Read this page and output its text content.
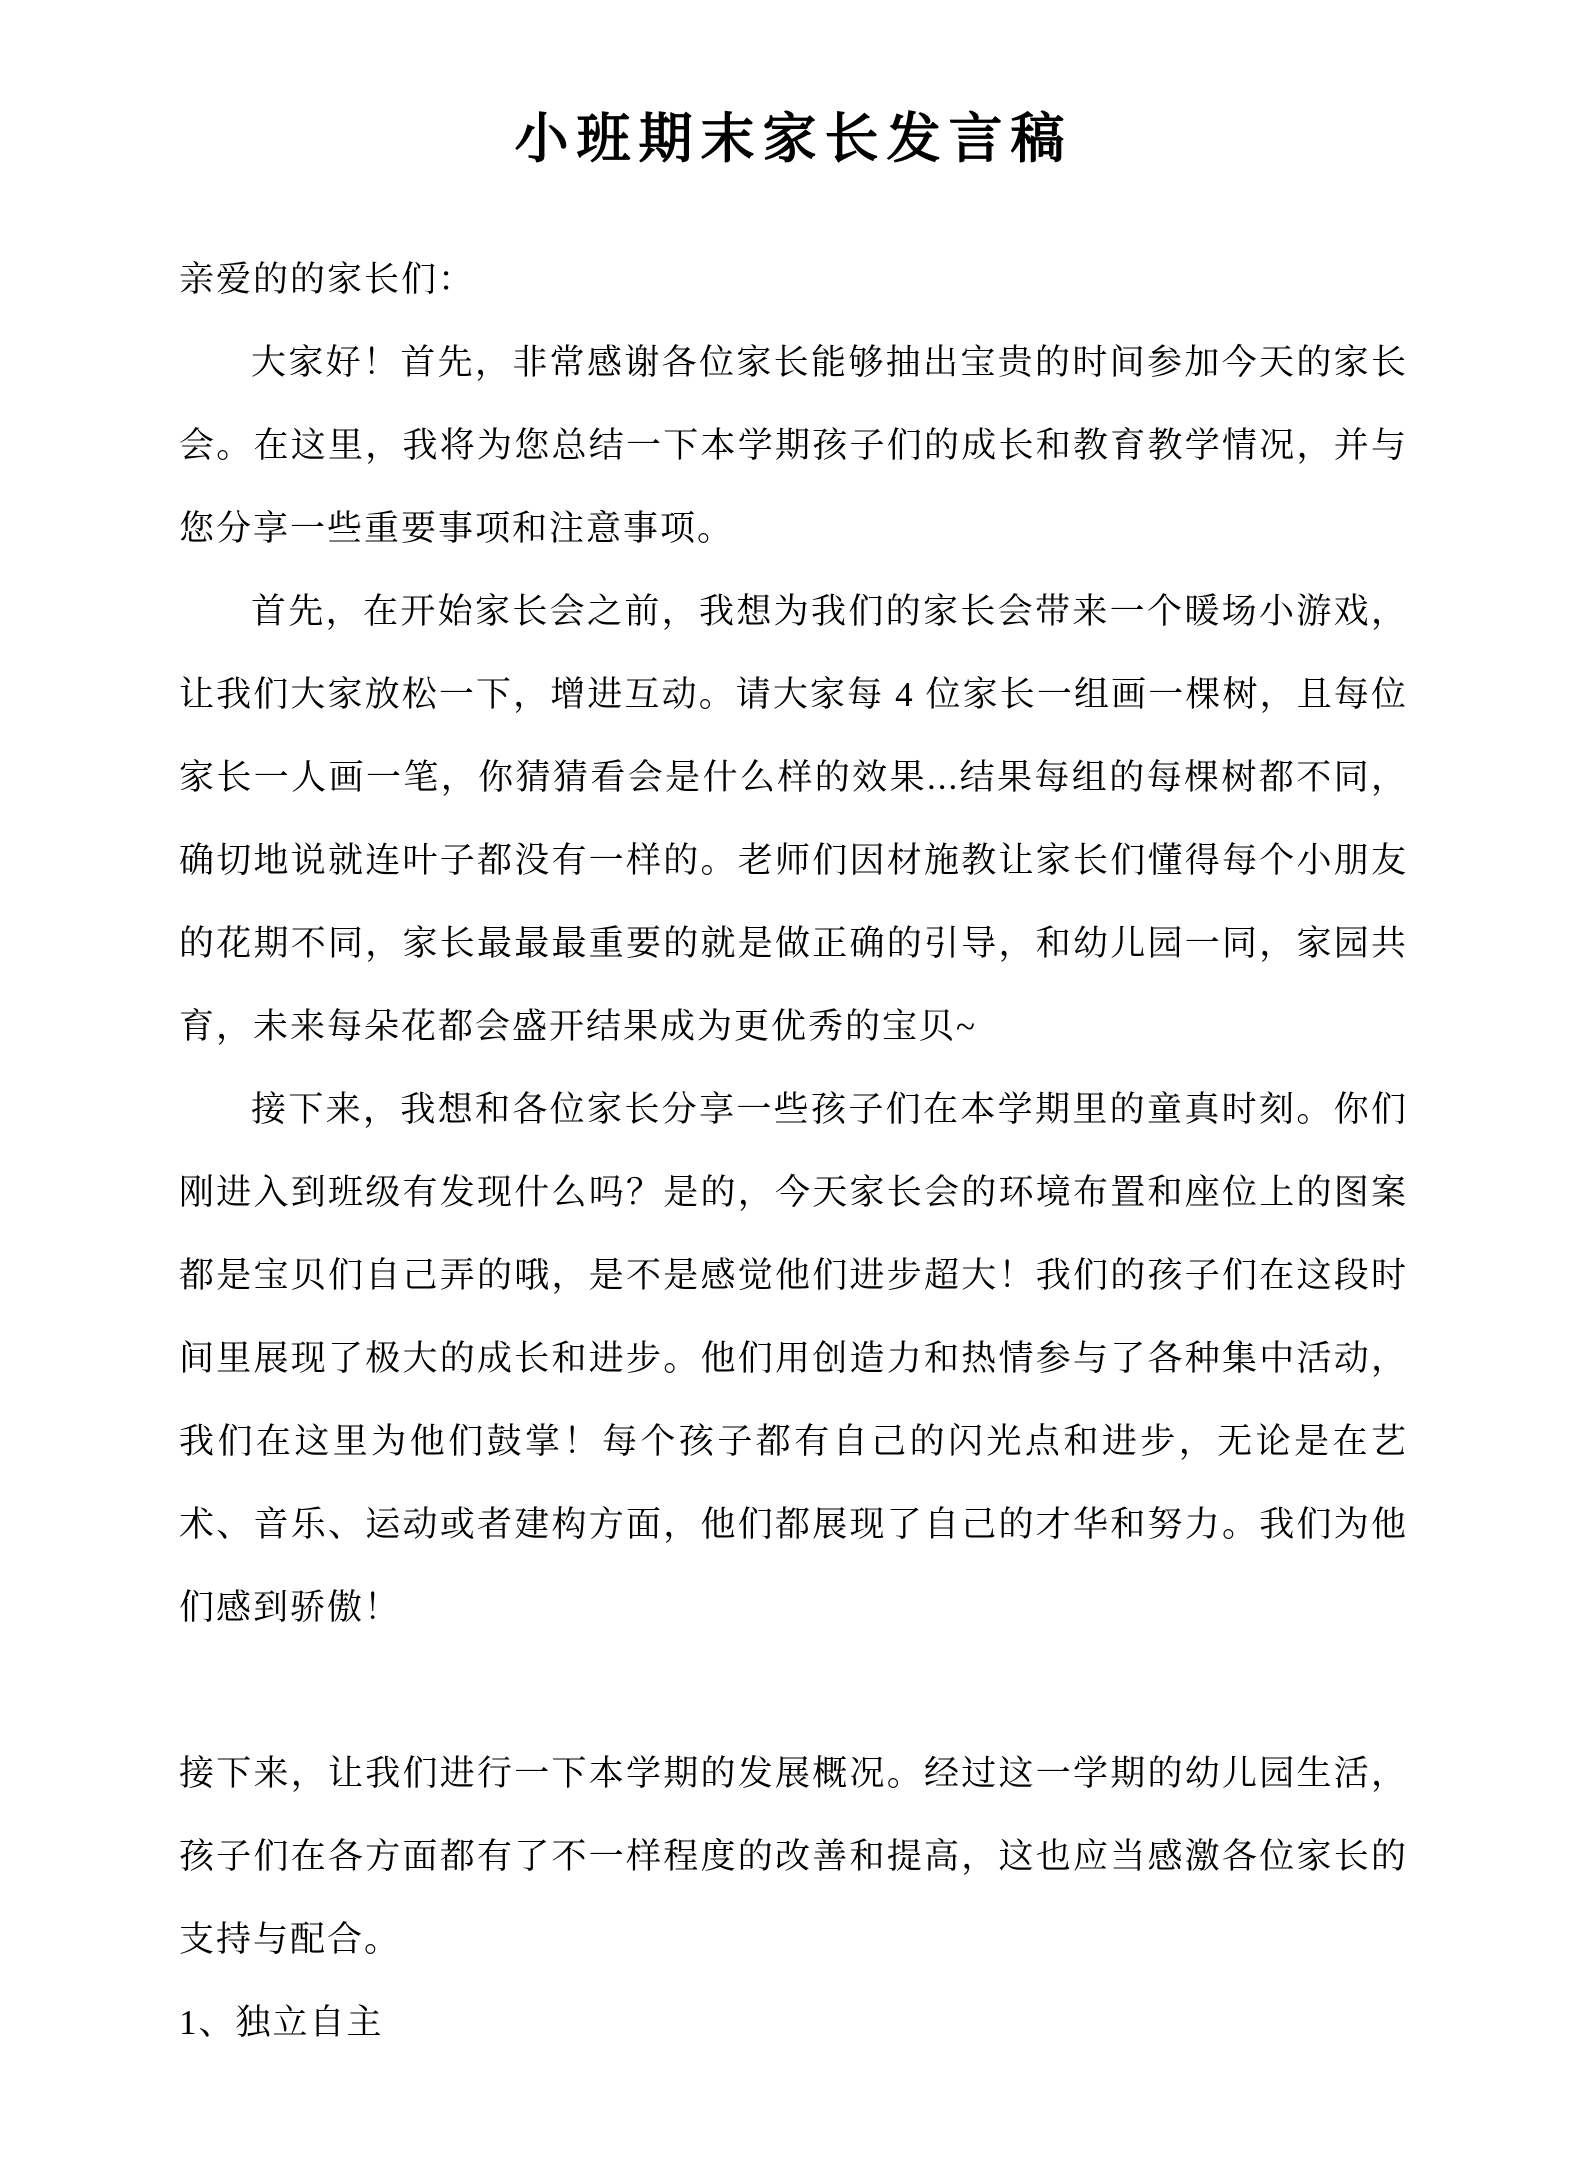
小班期末家长发言稿

亲爱的的家长们：

大家好！首先，非常感谢各位家长能够抽出宝贵的时间参加今天的家长会。在这里，我将为您总结一下本学期孩子们的成长和教育教学情况，并与您分享一些重要事项和注意事项。

首先，在开始家长会之前，我想为我们的家长会带来一个暖场小游戏，让我们大家放松一下，增进互动。请大家每 4 位家长一组画一棵树，且每位家长一人画一笔，你猜猜看会是什么样的效果...结果每组的每棵树都不同，确切地说就连叶子都没有一样的。老师们因材施教让家长们懂得每个小朋友的花期不同，家长最最最重要的就是做正确的引导，和幼儿园一同，家园共育，未来每朵花都会盛开结果成为更优秀的宝贝~

接下来，我想和各位家长分享一些孩子们在本学期里的童真时刻。你们刚进入到班级有发现什么吗？是的，今天家长会的环境布置和座位上的图案都是宝贝们自己弄的哦，是不是感觉他们进步超大！我们的孩子们在这段时间里展现了极大的成长和进步。他们用创造力和热情参与了各种集中活动，我们在这里为他们鼓掌！每个孩子都有自己的闪光点和进步，无论是在艺术、音乐、运动或者建构方面，他们都展现了自己的才华和努力。我们为他们感到骄傲！

接下来，让我们进行一下本学期的发展概况。经过这一学期的幼儿园生活，孩子们在各方面都有了不一样程度的改善和提高，这也应当感激各位家长的支持与配合。

1、独立自主
